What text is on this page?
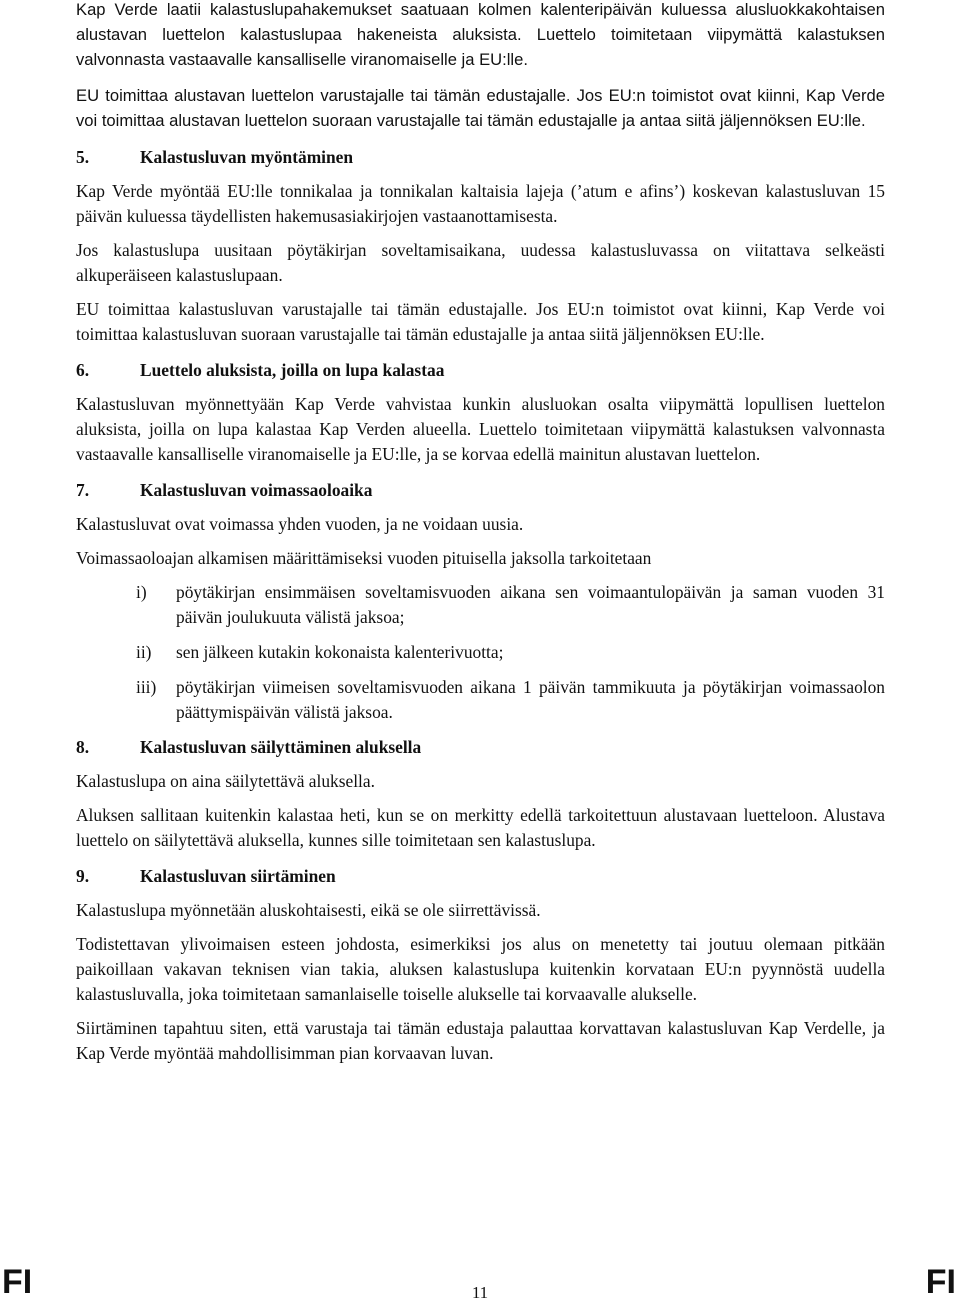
Kap Verde laatii kalastuslupahakemukset saatuaan kolmen kalenteripäivän kuluessa alusluokkakohtaisen alustavan luettelon kalastuslupaa hakeneista aluksista. Luettelo toimitetaan viipymättä kalastuksen valvonnasta vastaavalle kansalliselle viranomaiselle ja EU:lle.

EU toimittaa alustavan luettelon varustajalle tai tämän edustajalle. Jos EU:n toimistot ovat kiinni, Kap Verde voi toimittaa alustavan luettelon suoraan varustajalle tai tämän edustajalle ja antaa siitä jäljennöksen EU:lle.

5.	Kalastusluvan myöntäminen

Kap Verde myöntää EU:lle tonnikalaa ja tonnikalan kaltaisia lajeja (’atum e afins’) koskevan kalastusluvan 15 päivän kuluessa täydellisten hakemusasiakirjojen vastaanottamisesta.

Jos kalastuslupa uusitaan pöytäkirjan soveltamisaikana, uudessa kalastusluvassa on viitattava selkeästi alkuperäiseen kalastuslupaan.

EU toimittaa kalastusluvan varustajalle tai tämän edustajalle. Jos EU:n toimistot ovat kiinni, Kap Verde voi toimittaa kalastusluvan suoraan varustajalle tai tämän edustajalle ja antaa siitä jäljennöksen EU:lle.

6.	Luettelo aluksista, joilla on lupa kalastaa

Kalastusluvan myönnettyään Kap Verde vahvistaa kunkin alusluokan osalta viipymättä lopullisen luettelon aluksista, joilla on lupa kalastaa Kap Verden alueella. Luettelo toimitetaan viipymättä kalastuksen valvonnasta vastaavalle kansalliselle viranomaiselle ja EU:lle, ja se korvaa edellä mainitun alustavan luettelon.

7.	Kalastusluvan voimassaoloaika

Kalastusluvat ovat voimassa yhden vuoden, ja ne voidaan uusia.

Voimassaoloajan alkamisen määrittämiseksi vuoden pituisella jaksolla tarkoitetaan

i)	pöytäkirjan ensimmäisen soveltamisvuoden aikana sen voimaantulopäivän ja saman vuoden 31 päivän joulukuuta välistä jaksoa;
ii)	sen jälkeen kutakin kokonaista kalenterivuotta;
iii)	pöytäkirjan viimeisen soveltamisvuoden aikana 1 päivän tammikuuta ja pöytäkirjan voimassaolon päättymispäivän välistä jaksoa.
8.	Kalastusluvan säilyttäminen aluksella

Kalastuslupa on aina säilytettävä aluksella.

Aluksen sallitaan kuitenkin kalastaa heti, kun se on merkitty edellä tarkoitettuun alustavaan luetteloon. Alustava luettelo on säilytettävä aluksella, kunnes sille toimitetaan sen kalastuslupa.

9.	Kalastusluvan siirtäminen

Kalastuslupa myönnetään aluskohtaisesti, eikä se ole siirrettävissä.

Todistettavan ylivoimaisen esteen johdosta, esimerkiksi jos alus on menetetty tai joutuu olemaan pitkään paikoillaan vakavan teknisen vian takia, aluksen kalastuslupa kuitenkin korvataan EU:n pyynnöstä uudella kalastusluvalla, joka toimitetaan samanlaiselle toiselle alukselle tai korvaavalle alukselle.

Siirtäminen tapahtuu siten, että varustaja tai tämän edustaja palauttaa korvattavan kalastusluvan Kap Verdelle, ja Kap Verde myöntää mahdollisimman pian korvaavan luvan.

FI	11	FI
